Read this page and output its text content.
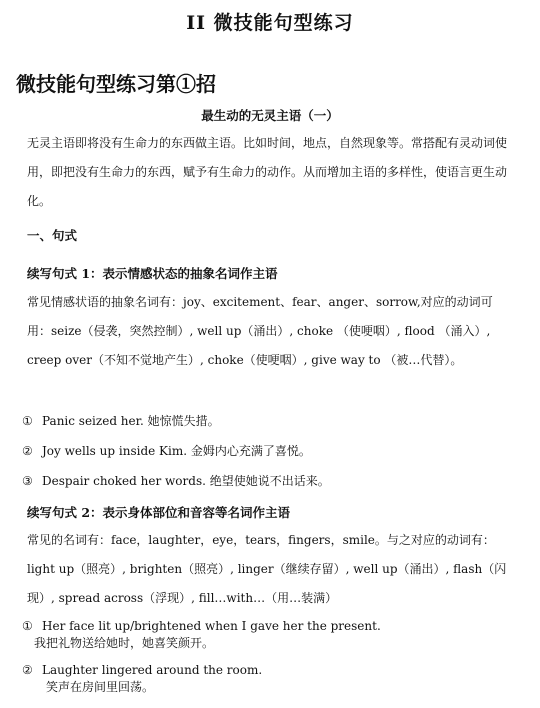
II 微技能句型练习
微技能句型练习第①招
最生动的无灵主语（一）

无灵主语即将没有生命力的东西做主语。比如时间，地点，自然现象等。常搭配有灵动词使用，即把没有生命力的东西，赋予有生命力的动作。从而增加主语的多样性，使语言更生动化。

一、句式

续写句式 1：表示情感状态的抽象名词作主语

常见情感状语的抽象名词有：joy、excitement、fear、anger、sorrow,对应的动词可用：seize（侵袭，突然控制）, well up（涌出）, choke （使哽咽）, flood （涌入）, creep over（不知不觉地产生）, choke（使哽咽）, give way to （被…代替）。

① Panic seized her. 她惊慌失措。
② Joy wells up inside Kim. 金姆内心充满了喜悦。
③ Despair choked her words. 绝望使她说不出话来。

续写句式 2：表示身体部位和音容等名词作主语

常见的名词有：face，laughter，eye，tears，fingers，smile。与之对应的动词有：light up（照亮）, brighten（照亮）, linger（继续存留）, well up（涌出）, flash（闪现）, spread across（浮现）, fill…with…（用…装满）

① Her face lit up/brightened when I gave her the present.
我把礼物送给她时，她喜笑颜开。
② Laughter lingered around the room.
笑声在房间里回荡。
